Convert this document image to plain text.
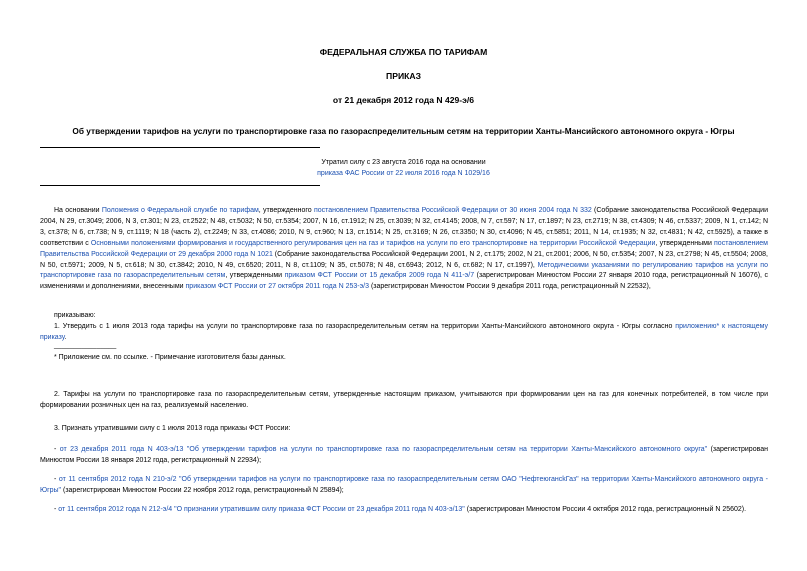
ФЕДЕРАЛЬНАЯ СЛУЖБА ПО ТАРИФАМ
ПРИКАЗ
от 21 декабря 2012 года N 429-э/6
Об утверждении тарифов на услуги по транспортировке газа по газораспределительным сетям на территории Ханты-Мансийского автономного округа - Югры
Утратил силу с 23 августа 2016 года на основании
приказа ФАС России от 22 июля 2016 года N 1029/16
На основании Положения о Федеральной службе по тарифам, утвержденного постановлением Правительства Российской Федерации от 30 июня 2004 года N 332 (Собрание законодательства Российской Федерации 2004, N 29, ст.3049; 2006, N 3, ст.301; N 23, ст.2522; N 48, ст.5032; N 50, ст.5354; 2007, N 16, ст.1912; N 25, ст.3039; N 32, ст.4145; 2008, N 7, ст.597; N 17, ст.1897; N 23, ст.2719; N 38, ст.4309; N 46, ст.5337; 2009, N 1, ст.142; N 3, ст.378; N 6, ст.738; N 9, ст.1119; N 18 (часть 2), ст.2249; N 33, ст.4086; 2010, N 9, ст.960; N 13, ст.1514; N 25, ст.3169; N 26, ст.3350; N 30, ст.4096; N 45, ст.5851; 2011, N 14, ст.1935; N 32, ст.4831; N 42, ст.5925), а также в соответствии с Основными положениями формирования и государственного регулирования цен на газ и тарифов на услуги по его транспортировке на территории Российской Федерации, утвержденными постановлением Правительства Российской Федерации от 29 декабря 2000 года N 1021 (Собрание законодательства Российской Федерации 2001, N 2, ст.175; 2002, N 21, ст.2001; 2006, N 50, ст.5354; 2007, N 23, ст.2798; N 45, ст.5504; 2008, N 50, ст.5971; 2009, N 5, ст.618; N 30, ст.3842; 2010, N 49, ст.6520; 2011, N 8, ст.1109; N 35, ст.5078; N 48, ст.6943; 2012, N 6, ст.682; N 17, ст.1997), Методическими указаниями по регулированию тарифов на услуги по транспортировке газа по газораспределительным сетям, утвержденными приказом ФСТ России от 15 декабря 2009 года N 411-э/7 (зарегистрирован Минюстом России 27 января 2010 года, регистрационный N 16076), с изменениями и дополнениями, внесенными приказом ФСТ России от 27 октября 2011 года N 253-э/3 (зарегистрирован Минюстом России 9 декабря 2011 года, регистрационный N 22532),
приказываю:
1. Утвердить с 1 июля 2013 года тарифы на услуги по транспортировке газа по газораспределительным сетям на территории Ханты-Мансийского автономного округа - Югры согласно приложению* к настоящему приказу.
________________
* Приложение см. по ссылке. - Примечание изготовителя базы данных.
2. Тарифы на услуги по транспортировке газа по газораспределительным сетям, утвержденные настоящим приказом, учитываются при формировании цен на газ для конечных потребителей, в том числе при формировании розничных цен на газ, реализуемый населению.
3. Признать утратившими силу с 1 июля 2013 года приказы ФСТ России:
- от 23 декабря 2011 года N 403-э/13 "Об утверждении тарифов на услуги по транспортировке газа по газораспределительным сетям на территории Ханты-Мансийского автономного округа" (зарегистрирован Минюстом России 18 января 2012 года, регистрационный N 22934);
- от 11 сентября 2012 года N 210-э/2 "Об утверждении тарифов на услуги по транспортировке газа по газораспределительным сетям ОАО "НефтеюгансkГаз" на территории Ханты-Мансийского автономного округа - Югры" (зарегистрирован Минюстом России 22 ноября 2012 года, регистрационный N 25894);
- от 11 сентября 2012 года N 212-э/4 "О признании утратившим силу приказа ФСТ России от 23 декабря 2011 года N 403-э/13" (зарегистрирован Минюстом России 4 октября 2012 года, регистрационный N 25602).
